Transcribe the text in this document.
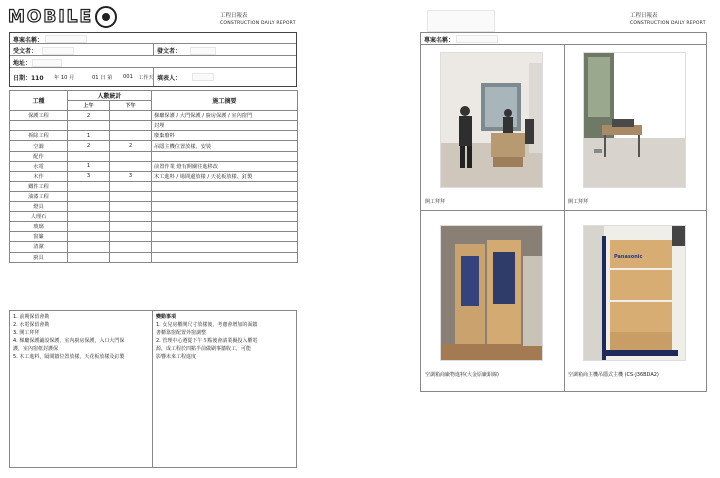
MOBILE	工程日報表
CONSTRUCTION DAILY REPORT
專案名稱：
受文者：	發文者：
地址：
日期：110 年 10 月	01 日 第 001 工作天 填表人：
工種	人數統計		施工摘要
	上午	下午	
保護工程	2		梯廳保護 / 大門保護 / 廚房保護 / 室內窗門
			封埋
拆除工程	1		廢棄廢料
空調	2	2	吊隱主機位置放樣、安裝
配作			
水電	1		前置作業 燈有開關往進移改
木作	3	3	木工進料 / 場間邊放樣 / 天花板放樣、釘製
鐵件工程			
油漆工程			
燈具			
人理石			
玻璃			
窗簾			
清潔			
廚具			
1. 前期保留會勘
2. 水電保留會勘
3. 開工拜拜
4. 梯廳保護鋪設保護，室內廚房保護，入口大門保
護，室內窗框封護保
5. 木工進料，隔間牆位置放樣，天花板放樣及釘製
變動事項
1. 女兒房櫃開尺寸放樣後，考慮會增加的面牆
書櫃靠窗配置外窗調整
2. 管理中心遵從下午５點後會請業擬投入櫃電
源，成工程於四點半前做刷事牆收工，可能
影響未來工程進度
工程日報表
CONSTRUCTION DAILY REPORT
專案名稱：
開工拜拜	開工拜拜
空調箱商廠物進料(大金原廠鋁線)
Panasonic
空調箱商主機吊隱式主機 (CS-J36BDA2)
